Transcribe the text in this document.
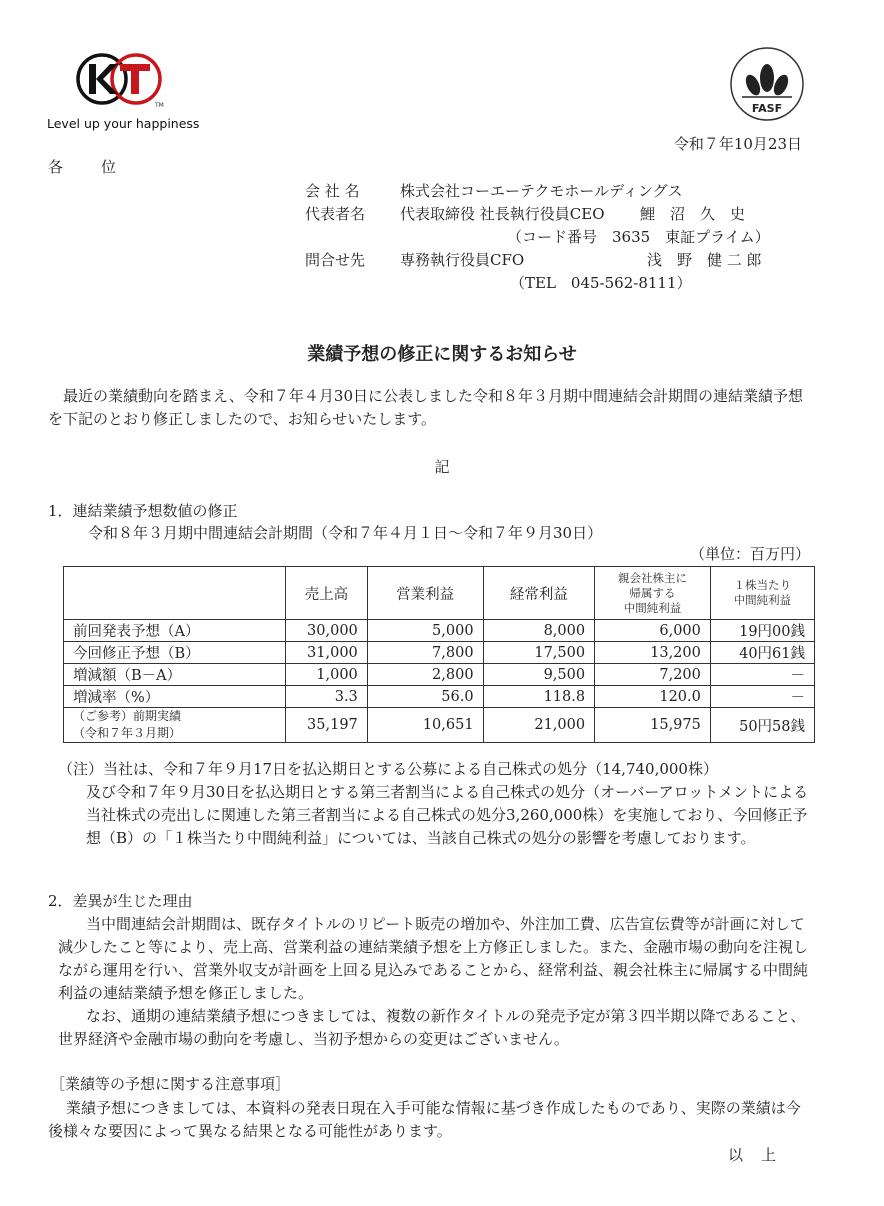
TM
Level up your happiness
FASF
令和７年10月23日
各	位
会 社 名	株式会社コーエーテクモホールディングス
代表者名 代表取締役 社長執行役員CEO 鯉　沼　久　史
（コード番号　3635　東証プライム）
問合せ先 専務執行役員CFO	浅　野　健 二 郎
（TEL　045-562-8111）
業績予想の修正に関するお知らせ
最近の業績動向を踏まえ、令和７年４月30日に公表しました令和８年３月期中間連結会計期間の連結業績予想を下記のとおり修正しましたので、お知らせいたします。
記
1．連結業績予想数値の修正
令和８年３月期中間連結会計期間（令和７年４月１日～令和７年９月30日）
（単位：百万円）
	売上高	営業利益	経常利益	親会社株主に
帰属する
中間純利益	１株当たり
中間純利益
前回発表予想（A）	30,000	5,000	8,000	6,000	19円00銭
今回修正予想（B）	31,000	7,800	17,500	13,200	40円61銭
増減額（B－A）	1,000	2,800	9,500	7,200	－
増減率（%）	3.3	56.0	118.8	120.0	－
（ご参考）前期実績
（令和７年３月期）	35,197	10,651	21,000	15,975	50円58銭
（注）当社は、令和７年９月17日を払込期日とする公募による自己株式の処分（14,740,000株）
及び令和７年９月30日を払込期日とする第三者割当による自己株式の処分（オーバーアロットメントによる当社株式の売出しに関連した第三者割当による自己株式の処分3,260,000株）を実施しており、今回修正予想（B）の「１株当たり中間純利益」については、当該自己株式の処分の影響を考慮しております。
2．差異が生じた理由
当中間連結会計期間は、既存タイトルのリピート販売の増加や、外注加工費、広告宣伝費等が計画に対して減少したこと等により、売上高、営業利益の連結業績予想を上方修正しました。また、金融市場の動向を注視しながら運用を行い、営業外収支が計画を上回る見込みであることから、経常利益、親会社株主に帰属する中間純利益の連結業績予想を修正しました。
なお、通期の連結業績予想につきましては、複数の新作タイトルの発売予定が第３四半期以降であること、世界経済や金融市場の動向を考慮し、当初予想からの変更はございません。
［業績等の予想に関する注意事項］
業績予想につきましては、本資料の発表日現在入手可能な情報に基づき作成したものであり、実際の業績は今後様々な要因によって異なる結果となる可能性があります。
以上
